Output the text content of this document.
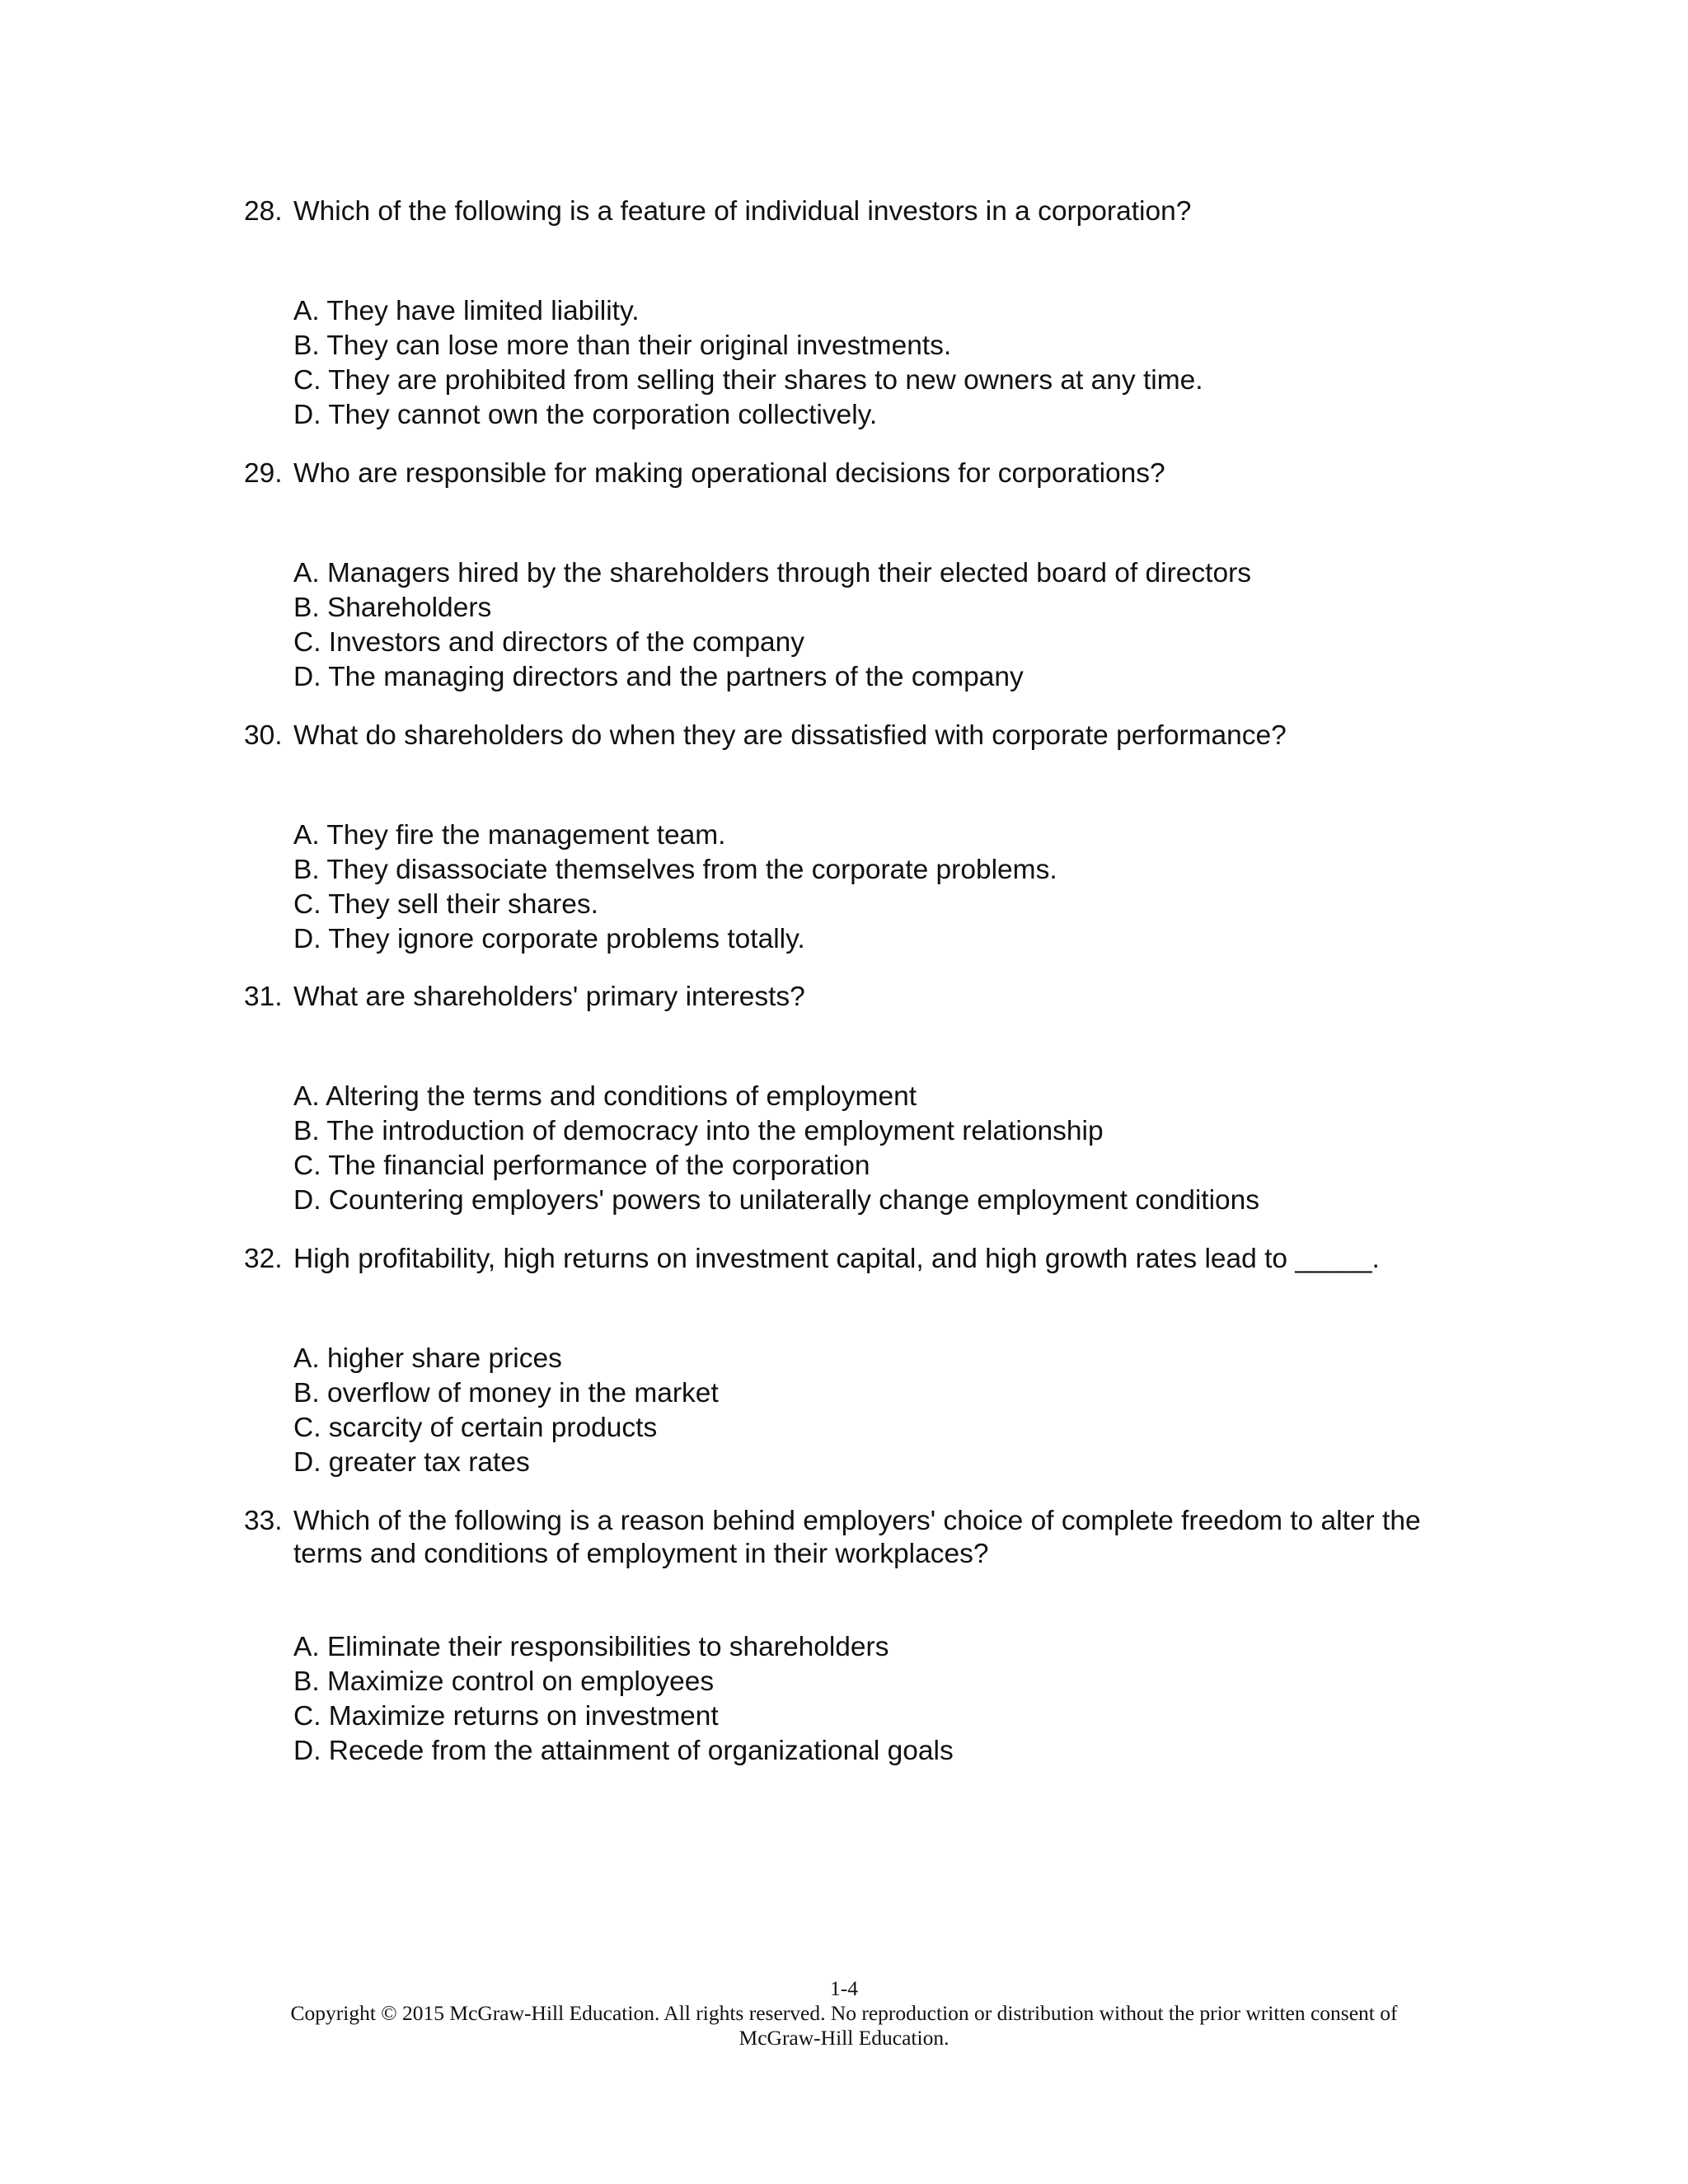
28. Which of the following is a feature of individual investors in a corporation?
A. They have limited liability.
B. They can lose more than their original investments.
C. They are prohibited from selling their shares to new owners at any time.
D. They cannot own the corporation collectively.
29. Who are responsible for making operational decisions for corporations?
A. Managers hired by the shareholders through their elected board of directors
B. Shareholders
C. Investors and directors of the company
D. The managing directors and the partners of the company
30. What do shareholders do when they are dissatisfied with corporate performance?
A. They fire the management team.
B. They disassociate themselves from the corporate problems.
C. They sell their shares.
D. They ignore corporate problems totally.
31. What are shareholders' primary interests?
A. Altering the terms and conditions of employment
B. The introduction of democracy into the employment relationship
C. The financial performance of the corporation
D. Countering employers' powers to unilaterally change employment conditions
32. High profitability, high returns on investment capital, and high growth rates lead to _____.
A. higher share prices
B. overflow of money in the market
C. scarcity of certain products
D. greater tax rates
33. Which of the following is a reason behind employers' choice of complete freedom to alter the terms and conditions of employment in their workplaces?
A. Eliminate their responsibilities to shareholders
B. Maximize control on employees
C. Maximize returns on investment
D. Recede from the attainment of organizational goals
1-4

Copyright © 2015 McGraw-Hill Education. All rights reserved. No reproduction or distribution without the prior written consent of McGraw-Hill Education.
